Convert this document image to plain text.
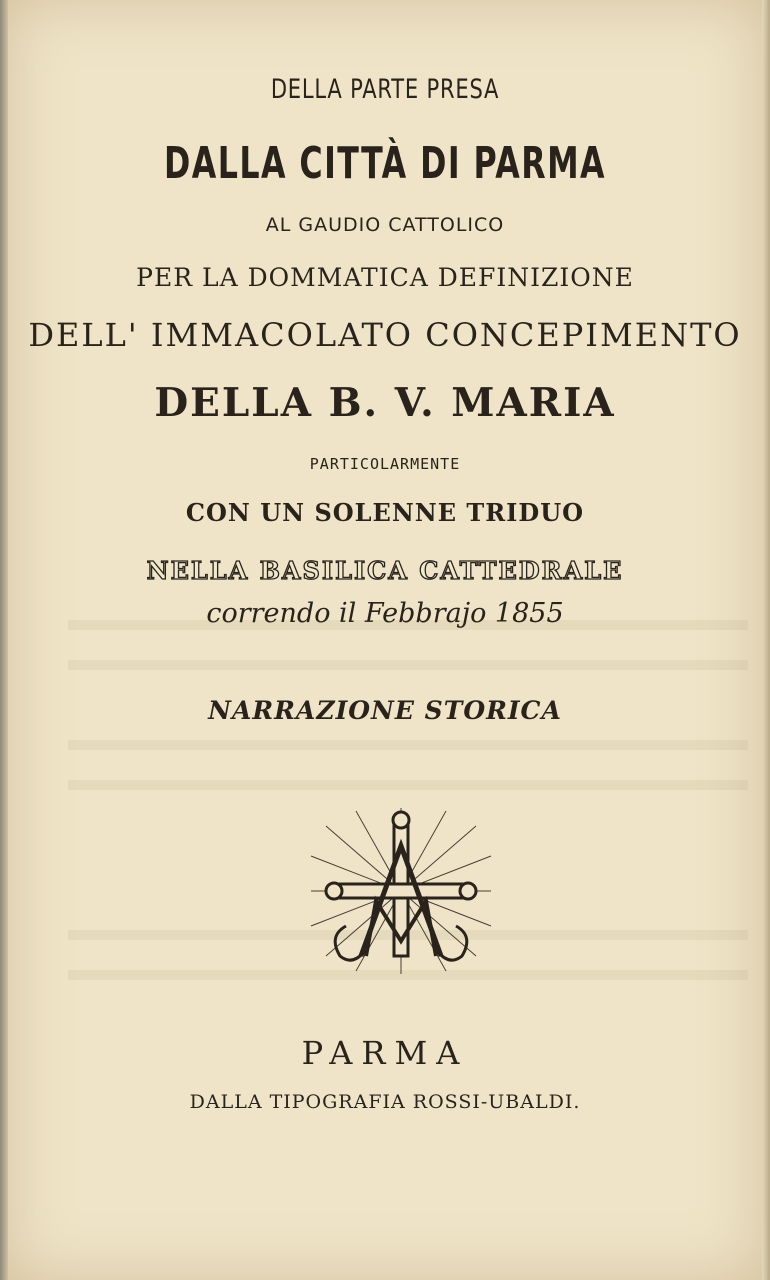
DELLA PARTE PRESA
DALLA CITTÀ DI PARMA
AL GAUDIO CATTOLICO
PER LA DOMMATICA DEFINIZIONE
DELL' IMMACOLATO CONCEPIMENTO
DELLA B. V. MARIA
PARTICOLARMENTE
CON UN SOLENNE TRIDUO
NELLA BASILICA CATTEDRALE
correndo il Febbrajo 1855
NARRAZIONE STORICA
PARMA
DALLA TIPOGRAFIA ROSSI-UBALDI.
